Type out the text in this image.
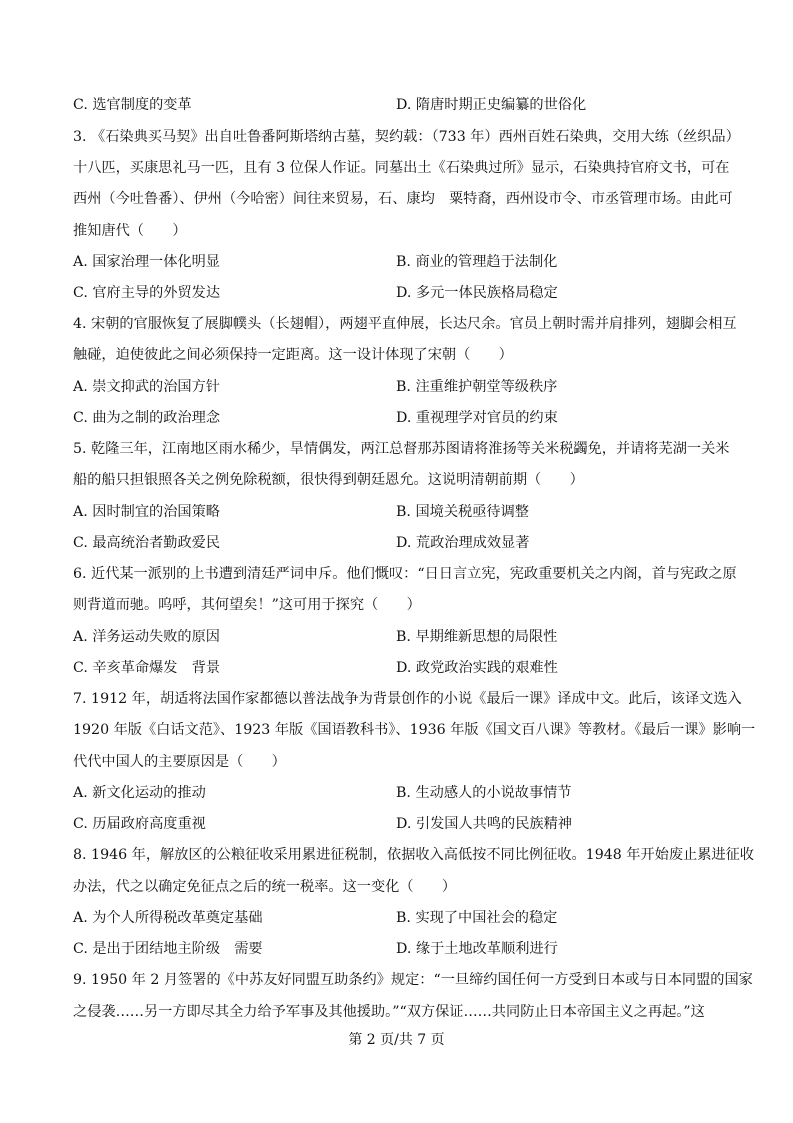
C. 选官制度的变革	D. 隋唐时期正史编纂的世俗化
3. 《石染典买马契》出自吐鲁番阿斯塔纳古墓，契约载：（733 年）西州百姓石染典，交用大练（丝织品）
十八匹，买康思礼马一匹，且有 3 位保人作证。同墓出土《石染典过所》显示，石染典持官府文书，可在
西州（今吐鲁番）、伊州（今哈密）间往来贸易，石、康均　粟特裔，西州设市令、市丞管理市场。由此可
推知唐代（　　）
A. 国家治理一体化明显	B. 商业的管理趋于法制化
C. 官府主导的外贸发达	D. 多元一体民族格局稳定
4. 宋朝的官服恢复了展脚幞头（长翅帽），两翅平直伸展，长达尺余。官员上朝时需并肩排列，翅脚会相互
触碰，迫使彼此之间必须保持一定距离。这一设计体现了宋朝（　　）
A. 崇文抑武的治国方针	B. 注重维护朝堂等级秩序
C. 曲为之制的政治理念	D. 重视理学对官员的约束
5. 乾隆三年，江南地区雨水稀少，旱情偶发，两江总督那苏图请将淮扬等关米税蠲免，并请将芜湖一关米
船的船只担银照各关之例免除税额，很快得到朝廷恩允。这说明清朝前期（　　）
A. 因时制宜的治国策略	B. 国境关税亟待调整
C. 最高统治者勤政爱民	D. 荒政治理成效显著
6. 近代某一派别的上书遭到清廷严词申斥。他们慨叹：“日日言立宪，宪政重要机关之内阁，首与宪政之原
则背道而驰。呜呼，其何望矣！”这可用于探究（　　）
A. 洋务运动失败的原因	B. 早期维新思想的局限性
C. 辛亥革命爆发　背景	D. 政党政治实践的艰难性
7. 1912 年，胡适将法国作家都德以普法战争为背景创作的小说《最后一课》译成中文。此后，该译文选入
1920 年版《白话文范》、1923 年版《国语教科书》、1936 年版《国文百八课》等教材。《最后一课》影响一
代代中国人的主要原因是（　　）
A. 新文化运动的推动	B. 生动感人的小说故事情节
C. 历届政府高度重视	D. 引发国人共鸣的民族精神
8. 1946 年，解放区的公粮征收采用累进征税制，依据收入高低按不同比例征收。1948 年开始废止累进征收
办法，代之以确定免征点之后的统一税率。这一变化（　　）
A. 为个人所得税改革奠定基础	B. 实现了中国社会的稳定
C. 是出于团结地主阶级　需要	D. 缘于土地改革顺利进行
9. 1950 年 2 月签署的《中苏友好同盟互助条约》规定：“一旦缔约国任何一方受到日本或与日本同盟的国家
之侵袭……另一方即尽其全力给予军事及其他援助。”“双方保证……共同防止日本帝国主义之再起。”这
第 2 页/共 7 页
